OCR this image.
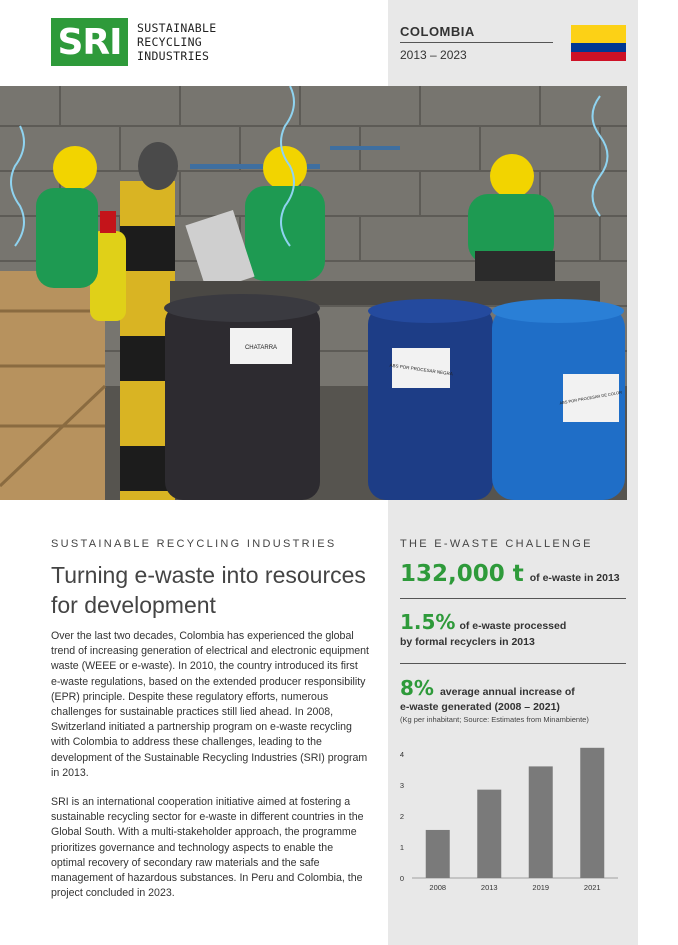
SRI	SUSTAINABLE
RECYCLING
INDUSTRIES
COLOMBIA
2013 – 2023
CHATARRA
ABS POR PROCESAR NEGRA
ABS POR PROCESAR DE COLOR
SUSTAINABLE RECYCLING INDUSTRIES
Turning e-waste into resources for development

Over the last two decades, Colombia has experienced the global trend of increasing generation of electrical and electronic equipment waste (WEEE or e-waste). In 2010, the country introduced its first e-waste regulations, based on the extended producer responsibility (EPR) principle. Despite these regulatory efforts, numerous challenges for sustainable practices still lied ahead. In 2008, Switzerland initiated a partnership program on e-waste recycling with Colombia to address these challenges, leading to the development of the Sustainable Recycling Industries (SRI) program in 2013.

SRI is an international cooperation initiative aimed at fostering a sustainable recycling sector for e-waste in different countries in the Global South. With a multi-stakeholder approach, the programme prioritizes governance and technology aspects to enable the optimal recovery of secondary raw materials and the safe management of hazardous substances. In Peru and Colombia, the project concluded in 2023.

THE E-WASTE CHALLENGE
132,000 t of e-waste in 2013
1.5% of e-waste processed
by formal recyclers in 2013
8% average annual increase of
e-waste generated (2008 – 2021)
(Kg per inhabitant; Source: Estimates from Minambiente)
0
1
2
3
4
2008	2013	2019	2021
